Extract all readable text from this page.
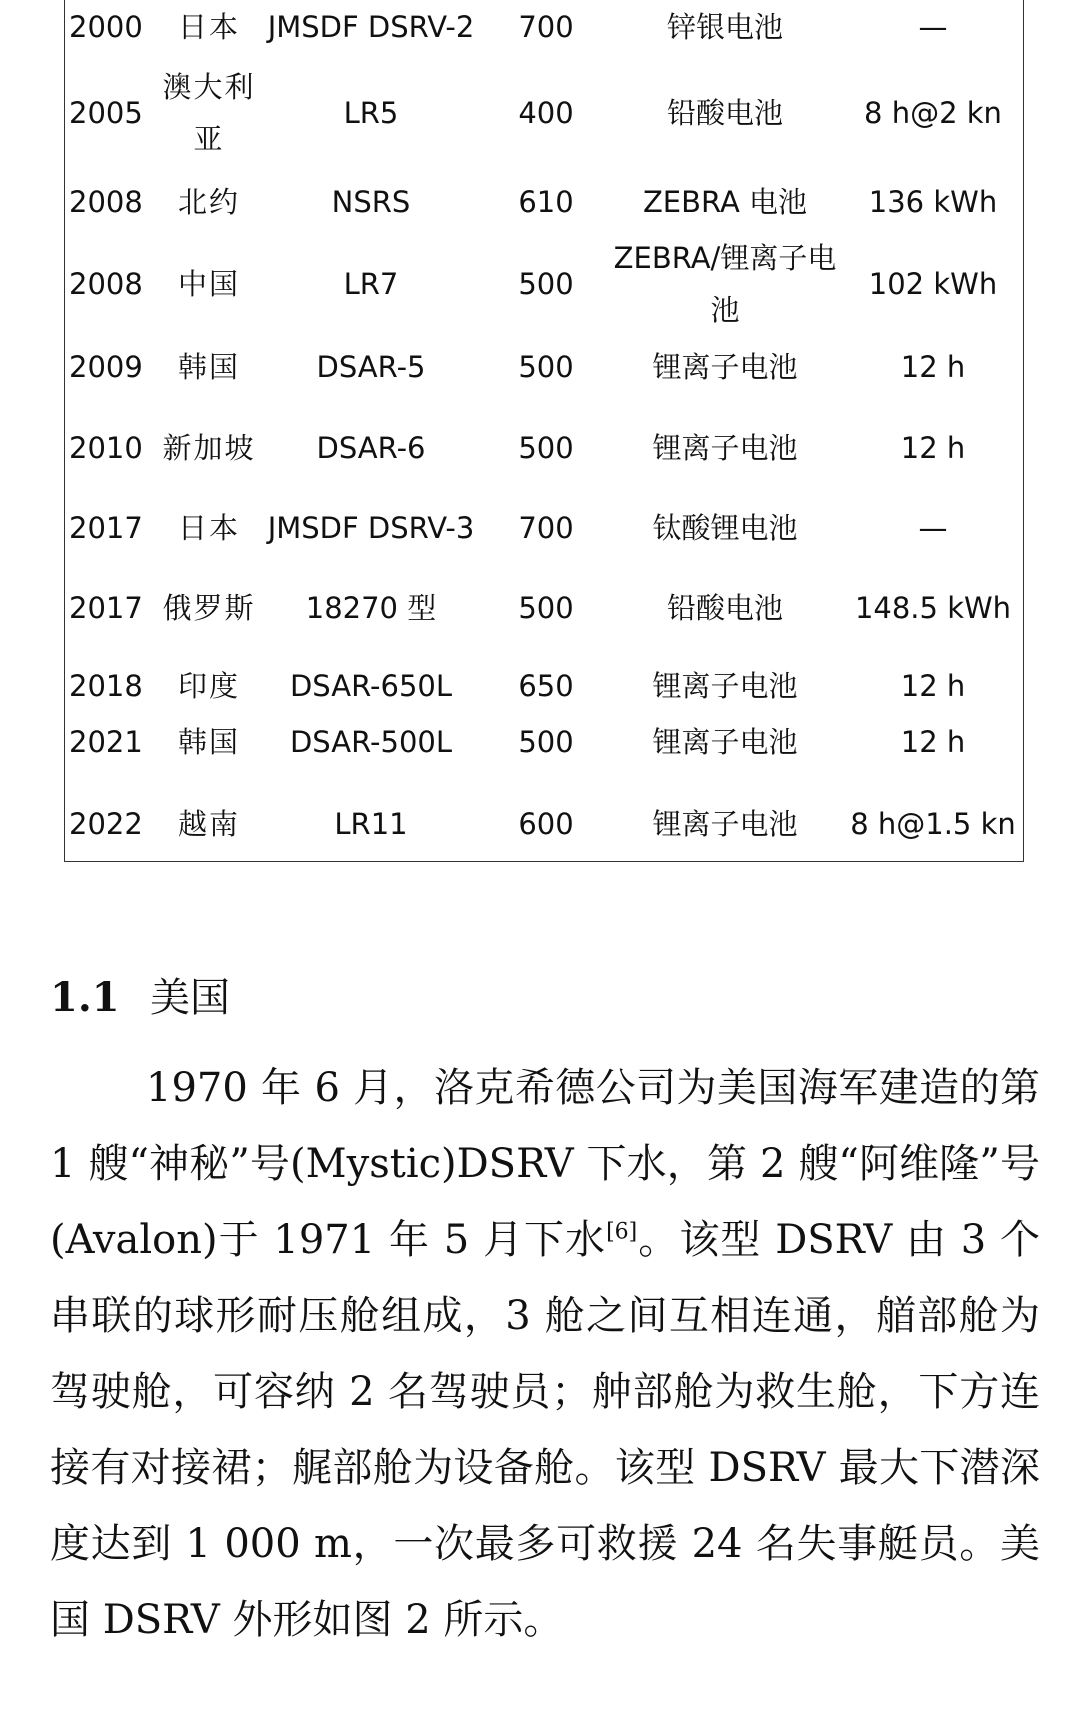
2000	日本	JMSDF DSRV-2	700	锌银电池	—
2005	澳大利亚	LR5	400	铅酸电池	8 h@2 kn
2008	北约	NSRS	610	ZEBRA 电池	136 kWh
2008	中国	LR7	500	ZEBRA/锂离子电池	102 kWh
2009	韩国	DSAR-5	500	锂离子电池	12 h
2010	新加坡	DSAR-6	500	锂离子电池	12 h
2017	日本	JMSDF DSRV-3	700	钛酸锂电池	—
2017	俄罗斯	18270 型	500	铅酸电池	148.5 kWh
2018	印度	DSAR-650L	650	锂离子电池	12 h
2021	韩国	DSAR-500L	500	锂离子电池	12 h
2022	越南	LR11	600	锂离子电池	8 h@1.5 kn
1.1 美国

1970 年 6 月，洛克希德公司为美国海军建造的第 1 艘“神秘”号(Mystic)DSRV 下水，第 2 艘“阿维隆”号(Avalon)于 1971 年 5 月下水[6]。该型 DSRV 由 3 个串联的球形耐压舱组成，3 舱之间互相连通，艏部舱为驾驶舱，可容纳 2 名驾驶员；舯部舱为救生舱，下方连接有对接裙；艉部舱为设备舱。该型 DSRV 最大下潜深度达到 1 000 m，一次最多可救援 24 名失事艇员。美国 DSRV 外形如图 2 所示。
